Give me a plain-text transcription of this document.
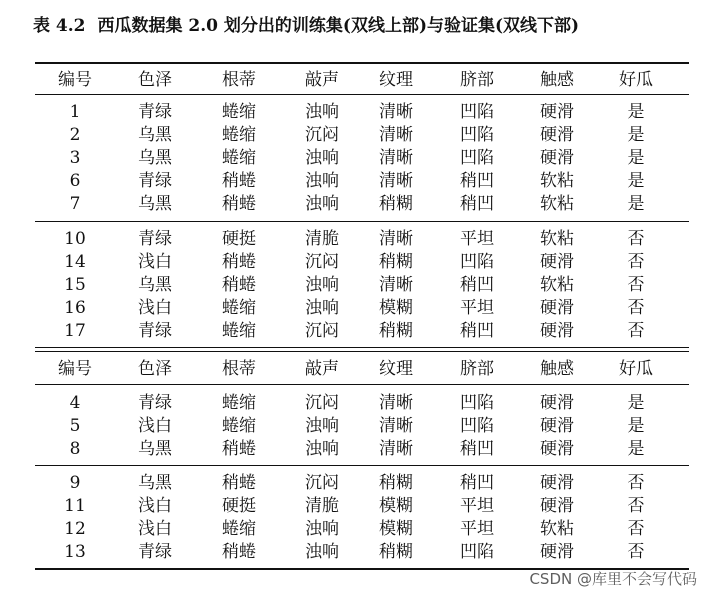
表 4.2 西瓜数据集 2.0 划分出的训练集(双线上部)与验证集(双线下部)
编号	色泽	根蒂	敲声	纹理	脐部	触感	好瓜
1	青绿	蜷缩	浊响	清晰	凹陷	硬滑	是
2	乌黑	蜷缩	沉闷	清晰	凹陷	硬滑	是
3	乌黑	蜷缩	浊响	清晰	凹陷	硬滑	是
6	青绿	稍蜷	浊响	清晰	稍凹	软粘	是
7	乌黑	稍蜷	浊响	稍糊	稍凹	软粘	是
10	青绿	硬挺	清脆	清晰	平坦	软粘	否
14	浅白	稍蜷	沉闷	稍糊	凹陷	硬滑	否
15	乌黑	稍蜷	浊响	清晰	稍凹	软粘	否
16	浅白	蜷缩	浊响	模糊	平坦	硬滑	否
17	青绿	蜷缩	沉闷	稍糊	稍凹	硬滑	否
编号	色泽	根蒂	敲声	纹理	脐部	触感	好瓜
4	青绿	蜷缩	沉闷	清晰	凹陷	硬滑	是
5	浅白	蜷缩	浊响	清晰	凹陷	硬滑	是
8	乌黑	稍蜷	浊响	清晰	稍凹	硬滑	是
9	乌黑	稍蜷	沉闷	稍糊	稍凹	硬滑	否
11	浅白	硬挺	清脆	模糊	平坦	硬滑	否
12	浅白	蜷缩	浊响	模糊	平坦	软粘	否
13	青绿	稍蜷	浊响	稍糊	凹陷	硬滑	否
CSDN @库里不会写代码
